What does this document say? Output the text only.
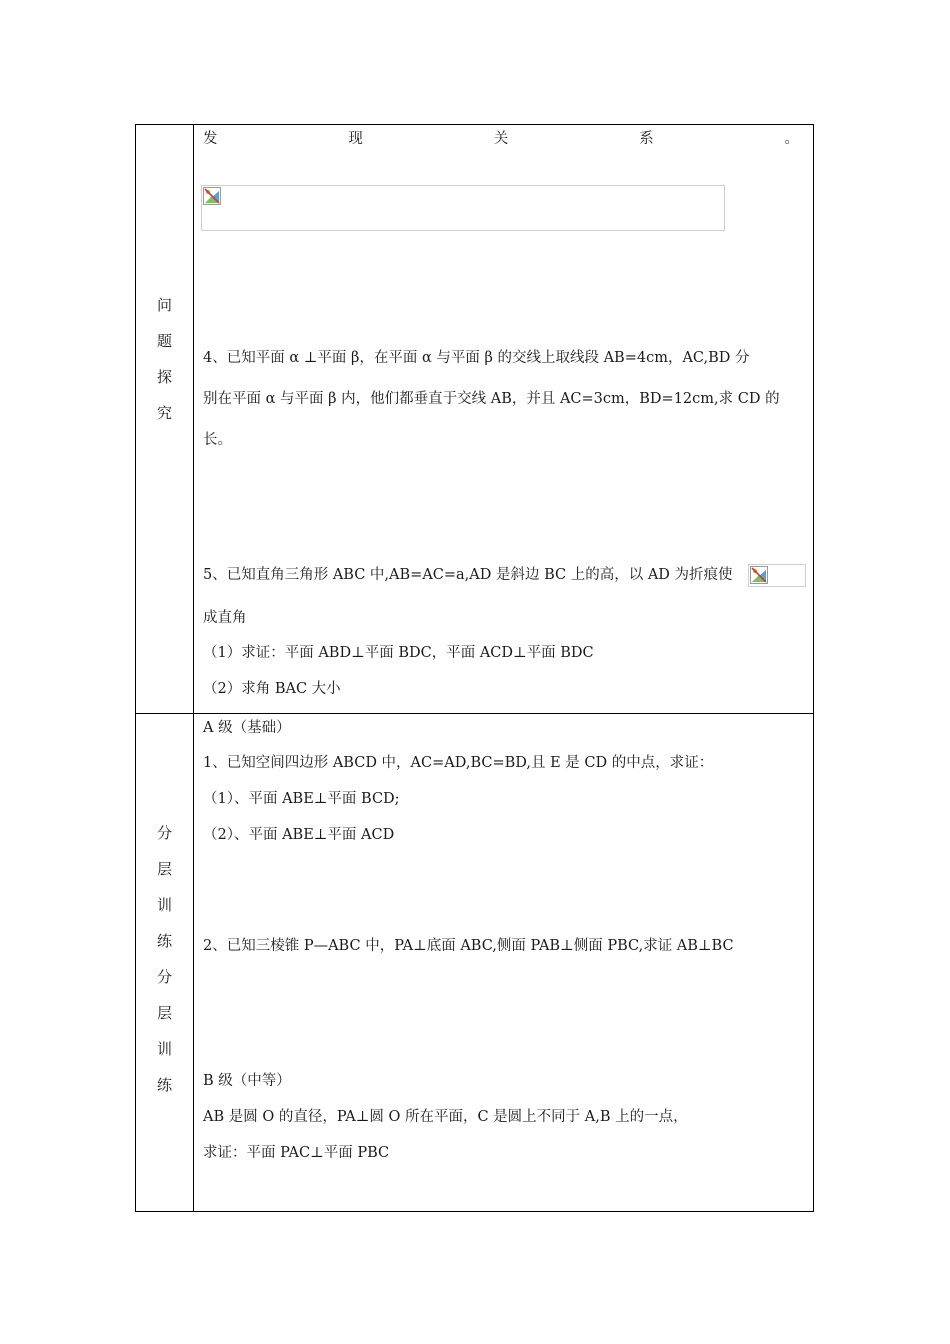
问
题
探
究
发	现	关	系	。
4、已知平面 α ⊥平面 β，在平面 α 与平面 β 的交线上取线段 AB=4cm，AC,BD 分
别在平面 α 与平面 β 内，他们都垂直于交线 AB，并且 AC=3cm，BD=12cm,求 CD 的
长。
5、已知直角三角形 ABC 中,AB=AC=a,AD 是斜边 BC 上的高，以 AD 为折痕使
成直角
（1）求证：平面 ABD⊥平面 BDC，平面 ACD⊥平面 BDC
（2）求角 BAC 大小
分
层
训
练
分
层
训
练
A 级（基础）
1、已知空间四边形 ABCD 中，AC=AD,BC=BD,且 E 是 CD 的中点，求证：
（1）、平面 ABE⊥平面 BCD;
（2）、平面 ABE⊥平面 ACD
2、已知三棱锥 P—ABC 中，PA⊥底面 ABC,侧面 PAB⊥侧面 PBC,求证 AB⊥BC
B 级（中等）
AB 是圆 O 的直径，PA⊥圆 O 所在平面，C 是圆上不同于 A,B 上的一点，
求证：平面 PAC⊥平面 PBC
